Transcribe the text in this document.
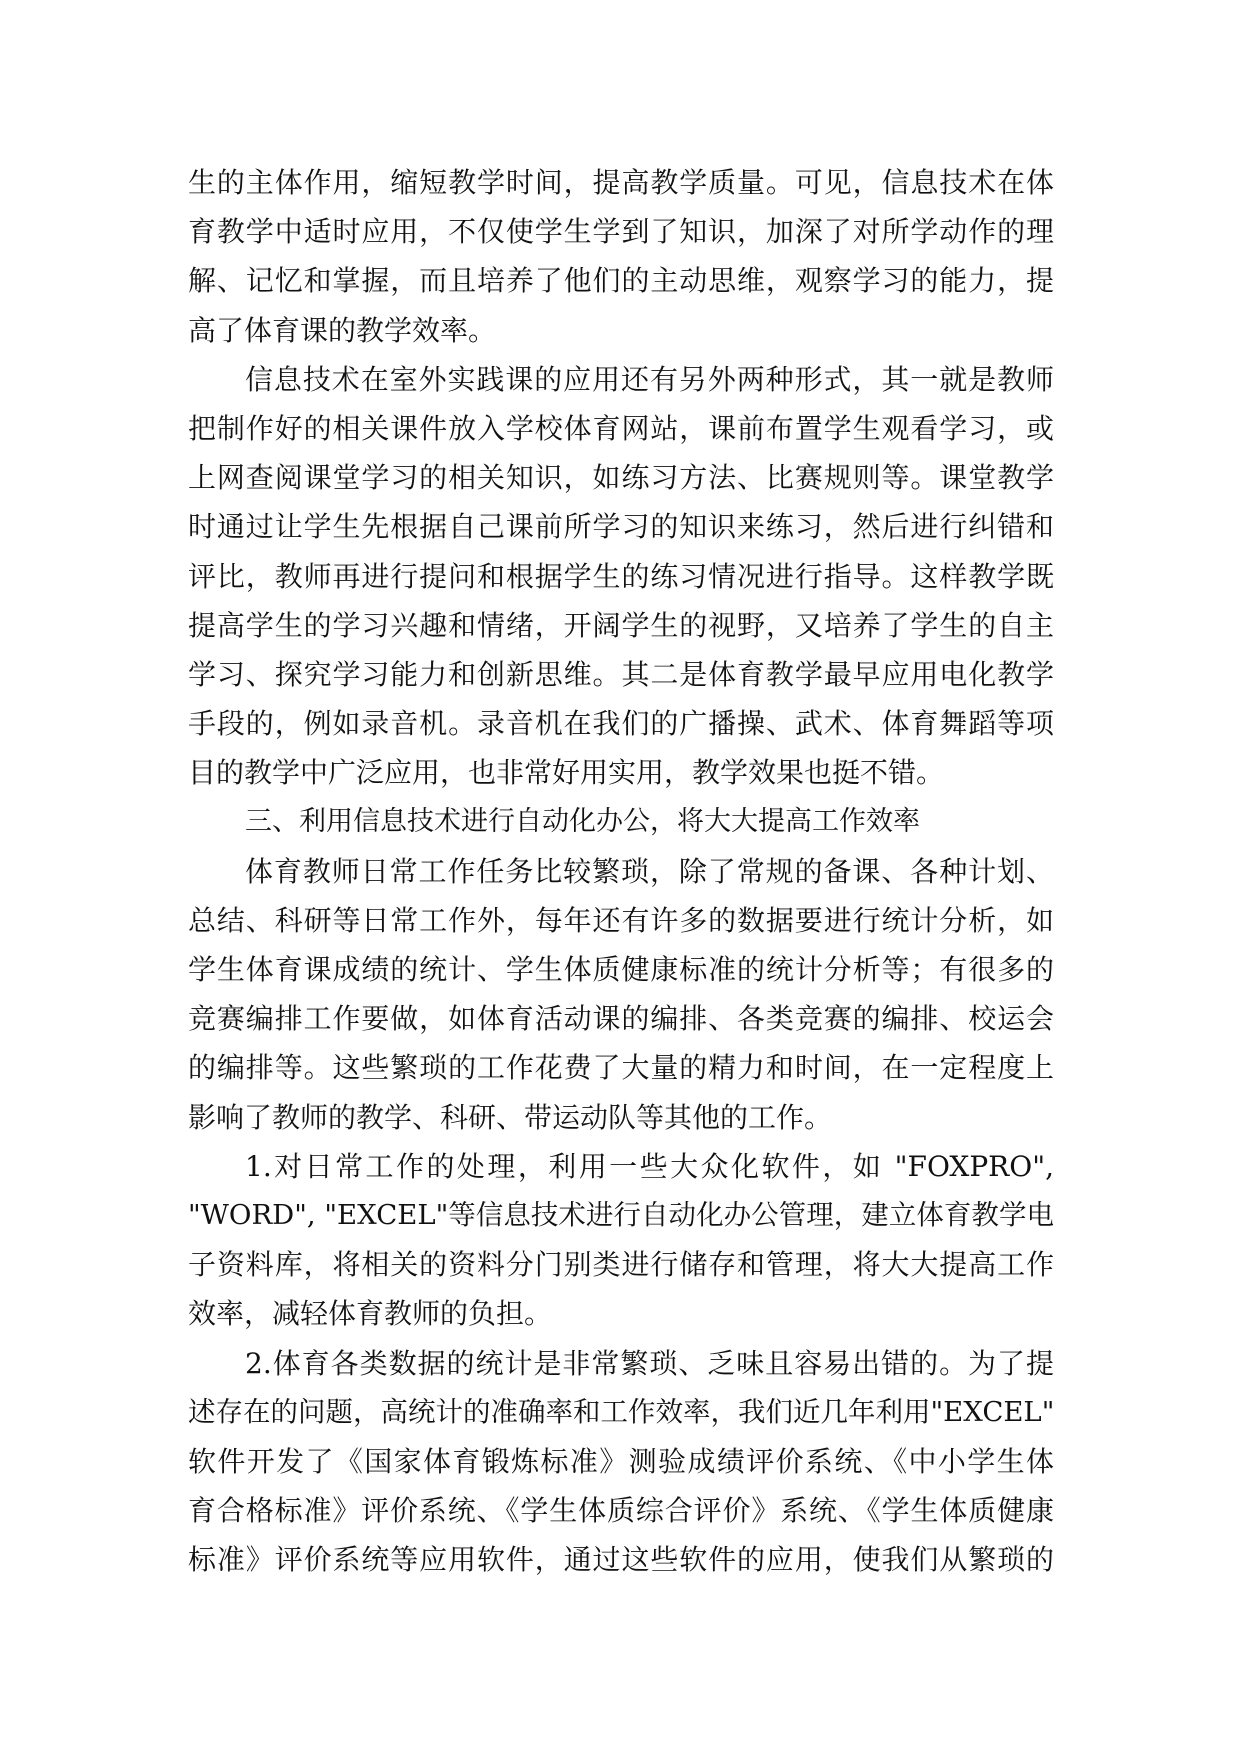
生的主体作用，缩短教学时间，提高教学质量。可见，信息技术在体
育教学中适时应用，不仅使学生学到了知识，加深了对所学动作的理
解、记忆和掌握，而且培养了他们的主动思维，观察学习的能力，提
高了体育课的教学效率。
信息技术在室外实践课的应用还有另外两种形式，其一就是教师
把制作好的相关课件放入学校体育网站，课前布置学生观看学习，或
上网查阅课堂学习的相关知识，如练习方法、比赛规则等。课堂教学
时通过让学生先根据自己课前所学习的知识来练习，然后进行纠错和
评比，教师再进行提问和根据学生的练习情况进行指导。这样教学既
提高学生的学习兴趣和情绪，开阔学生的视野，又培养了学生的自主
学习、探究学习能力和创新思维。其二是体育教学最早应用电化教学
手段的，例如录音机。录音机在我们的广播操、武术、体育舞蹈等项
目的教学中广泛应用，也非常好用实用，教学效果也挺不错。
三、利用信息技术进行自动化办公，将大大提高工作效率
体育教师日常工作任务比较繁琐，除了常规的备课、各种计划、
总结、科研等日常工作外，每年还有许多的数据要进行统计分析，如
学生体育课成绩的统计、学生体质健康标准的统计分析等；有很多的
竞赛编排工作要做，如体育活动课的编排、各类竞赛的编排、校运会
的编排等。这些繁琐的工作花费了大量的精力和时间，在一定程度上
影响了教师的教学、科研、带运动队等其他的工作。
1.对日常工作的处理，利用一些大众化软件，如 "FOXPRO",
"WORD", "EXCEL"等信息技术进行自动化办公管理，建立体育教学电
子资料库，将相关的资料分门别类进行储存和管理，将大大提高工作
效率，减轻体育教师的负担。
2.体育各类数据的统计是非常繁琐、乏味且容易出错的。为了提
述存在的问题，高统计的准确率和工作效率，我们近几年利用"EXCEL"
软件开发了《国家体育锻炼标准》测验成绩评价系统、《中小学生体
育合格标准》评价系统、《学生体质综合评价》系统、《学生体质健康
标准》评价系统等应用软件，通过这些软件的应用，使我们从繁琐的
